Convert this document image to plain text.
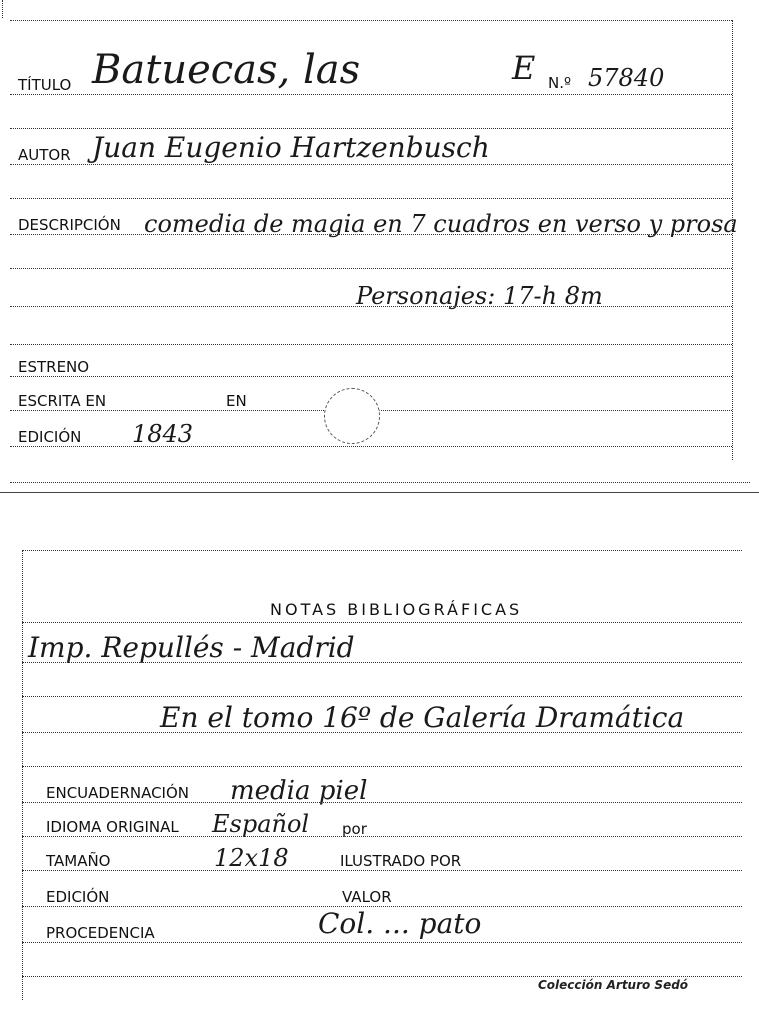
TÍTULO Batuecas, las	E N.º 57840
AUTOR Juan Eugenio Hartzenbusch
DESCRIPCIÓN comedia de magia en 7 cuadros en verso y prosa
Personajes: 17-h 8m
ESTRENO
ESCRITA EN	EN
EDICIÓN 1843
NOTAS BIBLIOGRÁFICAS
Imp. Repullés - Madrid
En el tomo 16º de Galería Dramática
ENCUADERNACIÓN media piel
IDIOMA ORIGINAL Español por
TAMAÑO	12x18	ILUSTRADO POR
EDICIÓN	VALOR
PROCEDENCIA	Col. ... pato
Colección Arturo Sedó
